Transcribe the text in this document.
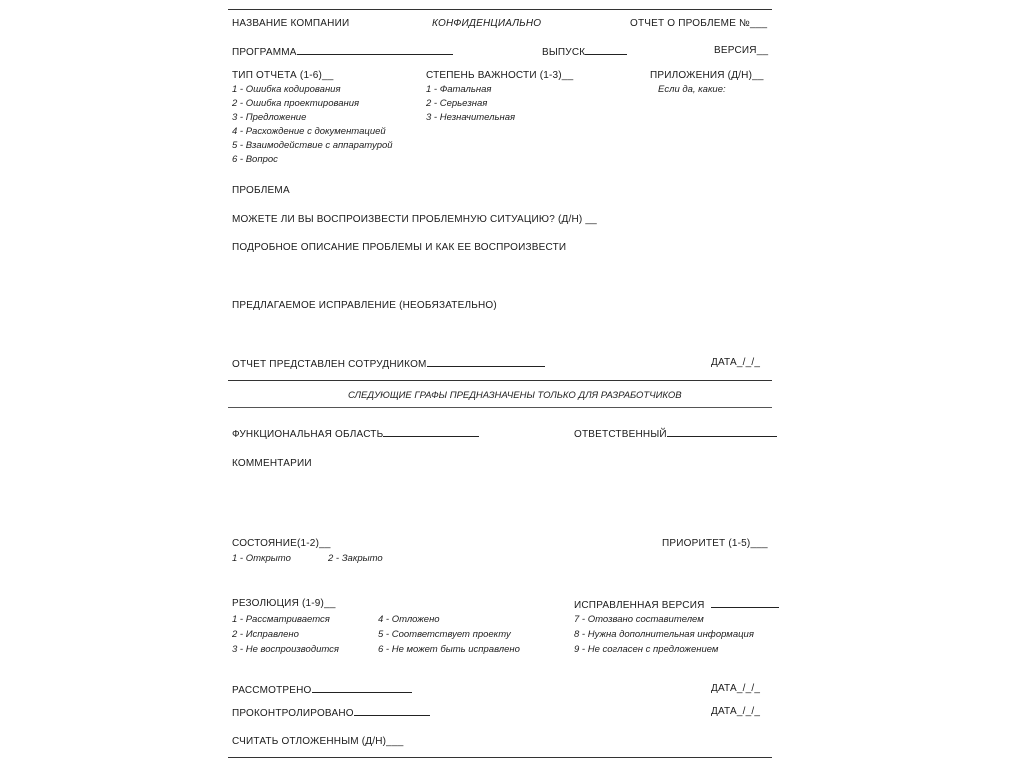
НАЗВАНИЕ КОМПАНИИ	КОНФИДЕНЦИАЛЬНО	ОТЧЕТ О ПРОБЛЕМЕ №___
ПРОГРАММА	ВЫПУСК	ВЕРСИЯ__
ТИП ОТЧЕТА (1-6)__
1 - Ошибка кодирования
2 - Ошибка проектирования
3 - Предложение
4 - Расхождение с документацией
5 - Взаимодействие с аппаратурой
6 - Вопрос
СТЕПЕНЬ ВАЖНОСТИ (1-3)__
1 - Фатальная
2 - Серьезная
3 - Незначительная
ПРИЛОЖЕНИЯ (Д/Н)__
Если да, какие:
ПРОБЛЕМА
МОЖЕТЕ ЛИ ВЫ ВОСПРОИЗВЕСТИ ПРОБЛЕМНУЮ СИТУАЦИЮ? (Д/Н) __
ПОДРОБНОЕ ОПИСАНИЕ ПРОБЛЕМЫ И КАК ЕЕ ВОСПРОИЗВЕСТИ
ПРЕДЛАГАЕМОЕ ИСПРАВЛЕНИЕ (НЕОБЯЗАТЕЛЬНО)
ОТЧЕТ ПРЕДСТАВЛЕН СОТРУДНИКОМ	ДАТА_/_/_
СЛЕДУЮЩИЕ ГРАФЫ ПРЕДНАЗНАЧЕНЫ ТОЛЬКО ДЛЯ РАЗРАБОТЧИКОВ
ФУНКЦИОНАЛЬНАЯ ОБЛАСТЬ	ОТВЕТСТВЕННЫЙ
КОММЕНТАРИИ
СОСТОЯНИЕ(1-2)__
1 - Открыто	2 - Закрыто
ПРИОРИТЕТ (1-5)___
РЕЗОЛЮЦИЯ (1-9)__	ИСПРАВЛЕННАЯ ВЕРСИЯ
1 - Рассматривается
2 - Исправлено
3 - Не воспроизводится
4 - Отложено
5 - Соответствует проекту
6 - Не может быть исправлено
7 - Отозвано составителем
8 - Нужна дополнительная информация
9 - Не согласен с предложением
РАССМОТРЕНО	ДАТА_/_/_
ПРОКОНТРОЛИРОВАНО	ДАТА_/_/_
СЧИТАТЬ ОТЛОЖЕННЫМ (Д/Н)___
